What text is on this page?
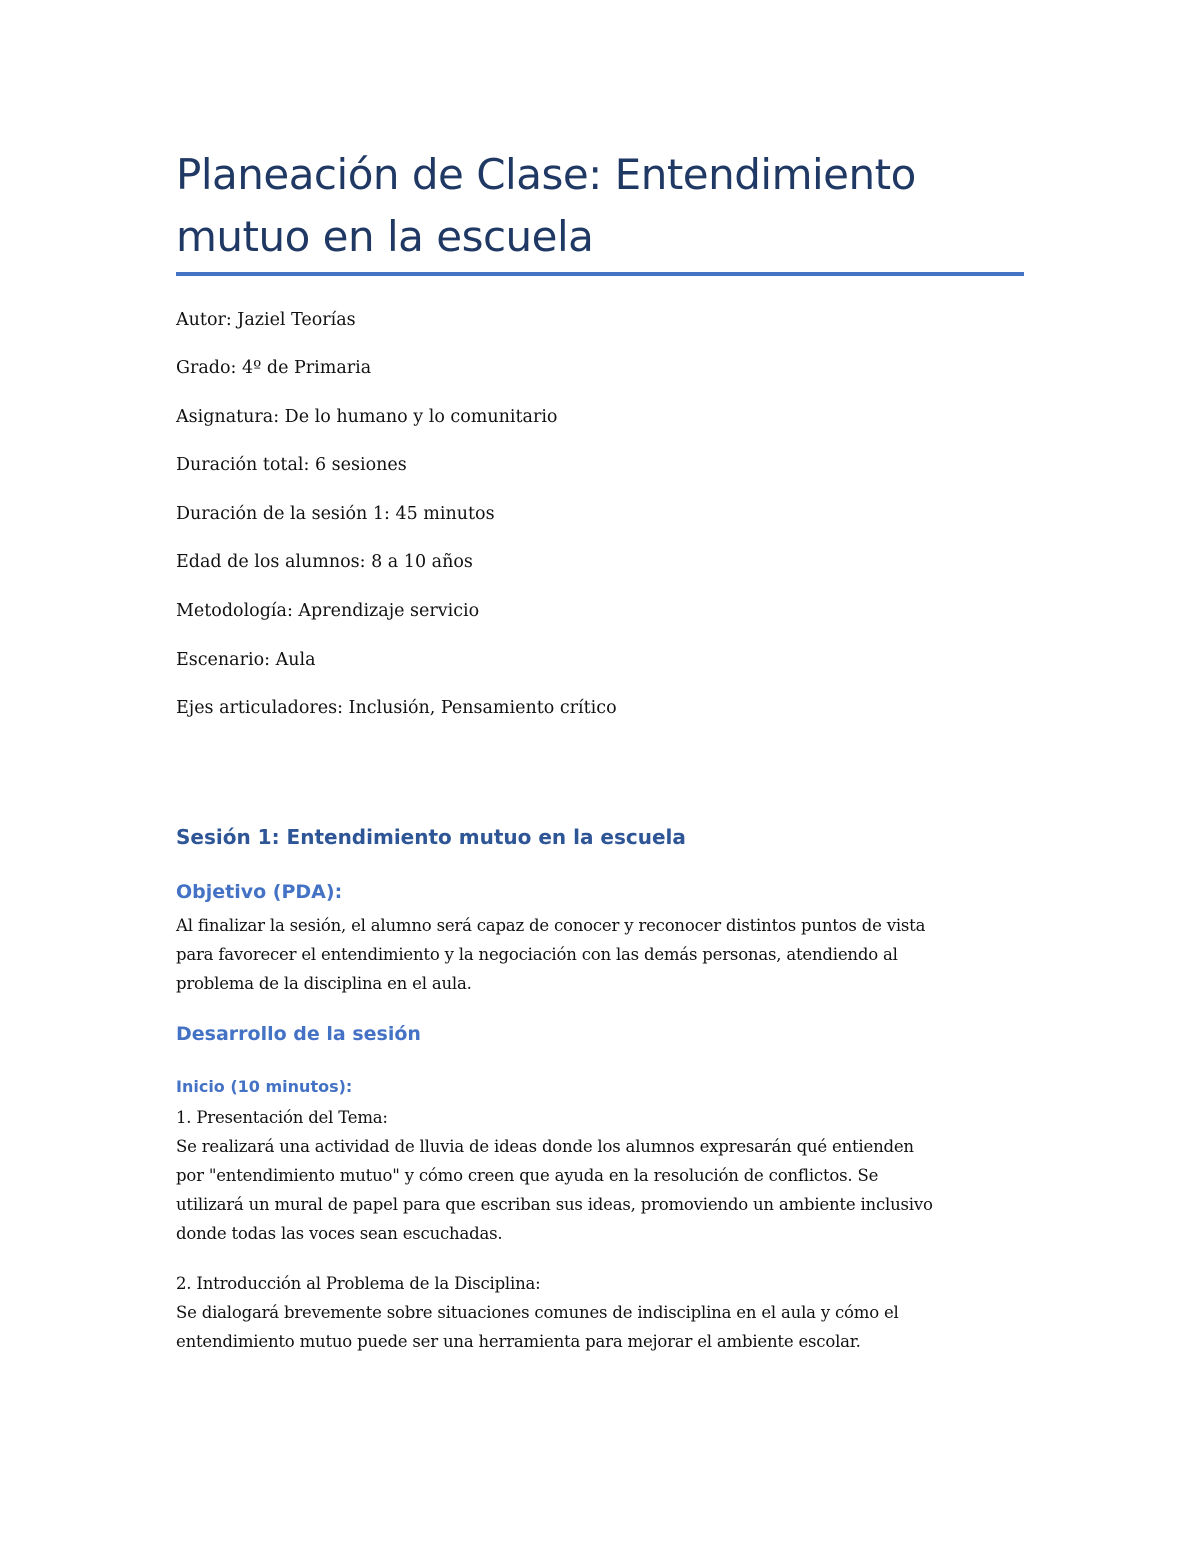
Planeación de Clase: Entendimiento
mutuo en la escuela

Autor: Jaziel Teorías

Grado: 4º de Primaria

Asignatura: De lo humano y lo comunitario

Duración total: 6 sesiones

Duración de la sesión 1: 45 minutos

Edad de los alumnos: 8 a 10 años

Metodología: Aprendizaje servicio

Escenario: Aula

Ejes articuladores: Inclusión, Pensamiento crítico

Sesión 1: Entendimiento mutuo en la escuela
Objetivo (PDA):

Al finalizar la sesión, el alumno será capaz de conocer y reconocer distintos puntos de vista
para favorecer el entendimiento y la negociación con las demás personas, atendiendo al
problema de la disciplina en el aula.

Desarrollo de la sesión
Inicio (10 minutos):

1. Presentación del Tema:
Se realizará una actividad de lluvia de ideas donde los alumnos expresarán qué entienden
por "entendimiento mutuo" y cómo creen que ayuda en la resolución de conflictos. Se
utilizará un mural de papel para que escriban sus ideas, promoviendo un ambiente inclusivo
donde todas las voces sean escuchadas.

2. Introducción al Problema de la Disciplina:
Se dialogará brevemente sobre situaciones comunes de indisciplina en el aula y cómo el
entendimiento mutuo puede ser una herramienta para mejorar el ambiente escolar.
